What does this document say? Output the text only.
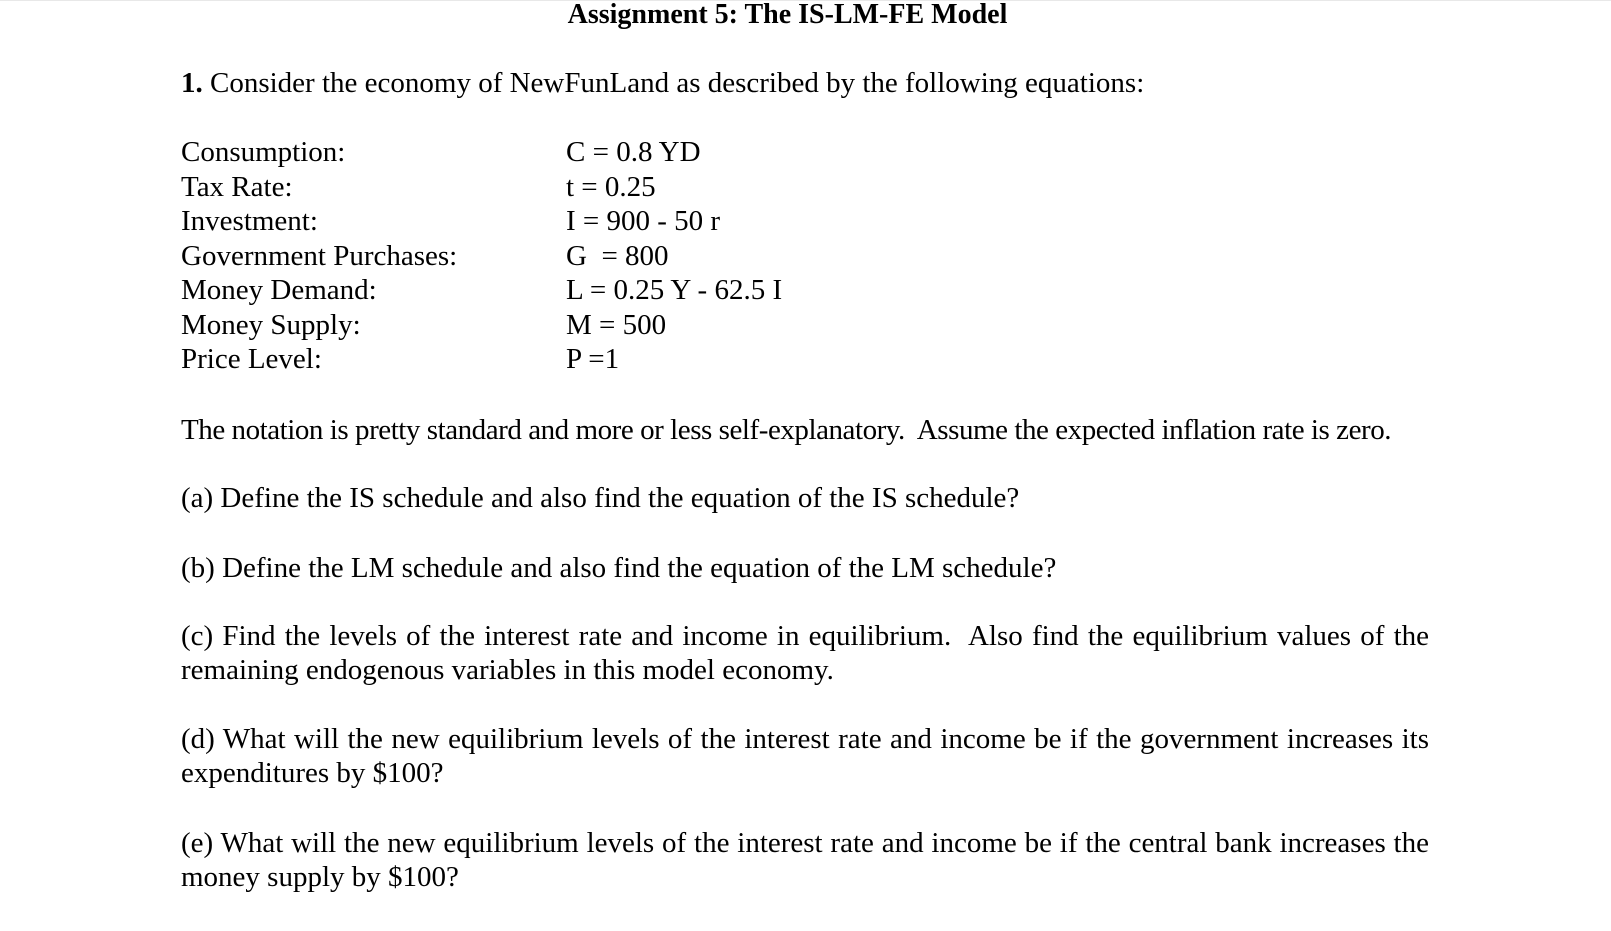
Assignment 5: The IS-LM-FE Model
1. Consider the economy of NewFunLand as described by the following equations:
Consumption:	C = 0.8 YD
Tax Rate:	t = 0.25
Investment:	I = 900 - 50 r
Government Purchases:	G  = 800
Money Demand:	L = 0.25 Y - 62.5 I
Money Supply:	M = 500
Price Level:	P =1
The notation is pretty standard and more or less self-explanatory.  Assume the expected inflation rate is zero.
(a) Define the IS schedule and also find the equation of the IS schedule?
(b) Define the LM schedule and also find the equation of the LM schedule?
(c) Find the levels of the interest rate and income in equilibrium.  Also find the equilibrium values of the
remaining endogenous variables in this model economy.
(d) What will the new equilibrium levels of the interest rate and income be if the government increases its
expenditures by $100?
(e) What will the new equilibrium levels of the interest rate and income be if the central bank increases the
money supply by $100?
